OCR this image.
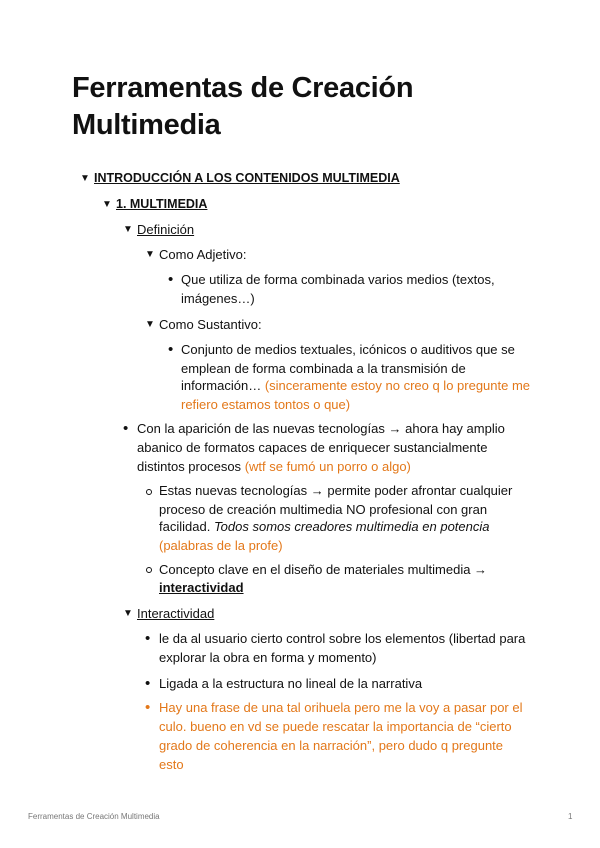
Ferramentas de Creación Multimedia
▼ INTRODUCCIÓN A LOS CONTENIDOS MULTIMEDIA
▼ 1. MULTIMEDIA
▼ Definición
▼ Como Adjetivo:
• Que utiliza de forma combinada varios medios (textos,
imágenes…)
▼ Como Sustantivo:
• Conjunto de medios textuales, icónicos o auditivos que se
emplean de forma combinada a la transmisión de
información… (sinceramente estoy no creo q lo pregunte me
refiero estamos tontos o que)
• Con la aparición de las nuevas tecnologías → ahora hay amplio
abanico de formatos capaces de enriquecer sustancialmente
distintos procesos (wtf se fumó un porro o algo)
Estas nuevas tecnologías → permite poder afrontar cualquier
proceso de creación multimedia NO profesional con gran
facilidad. Todos somos creadores multimedia en potencia
(palabras de la profe)
Concepto clave en el diseño de materiales multimedia →
interactividad
▼ Interactividad
• le da al usuario cierto control sobre los elementos (libertad para
explorar la obra en forma y momento)
• Ligada a la estructura no lineal de la narrativa
• Hay una frase de una tal orihuela pero me la voy a pasar por el
culo. bueno en vd se puede rescatar la importancia de “cierto
grado de coherencia en la narración”, pero dudo q pregunte
esto
Ferramentas de Creación Multimedia	1
